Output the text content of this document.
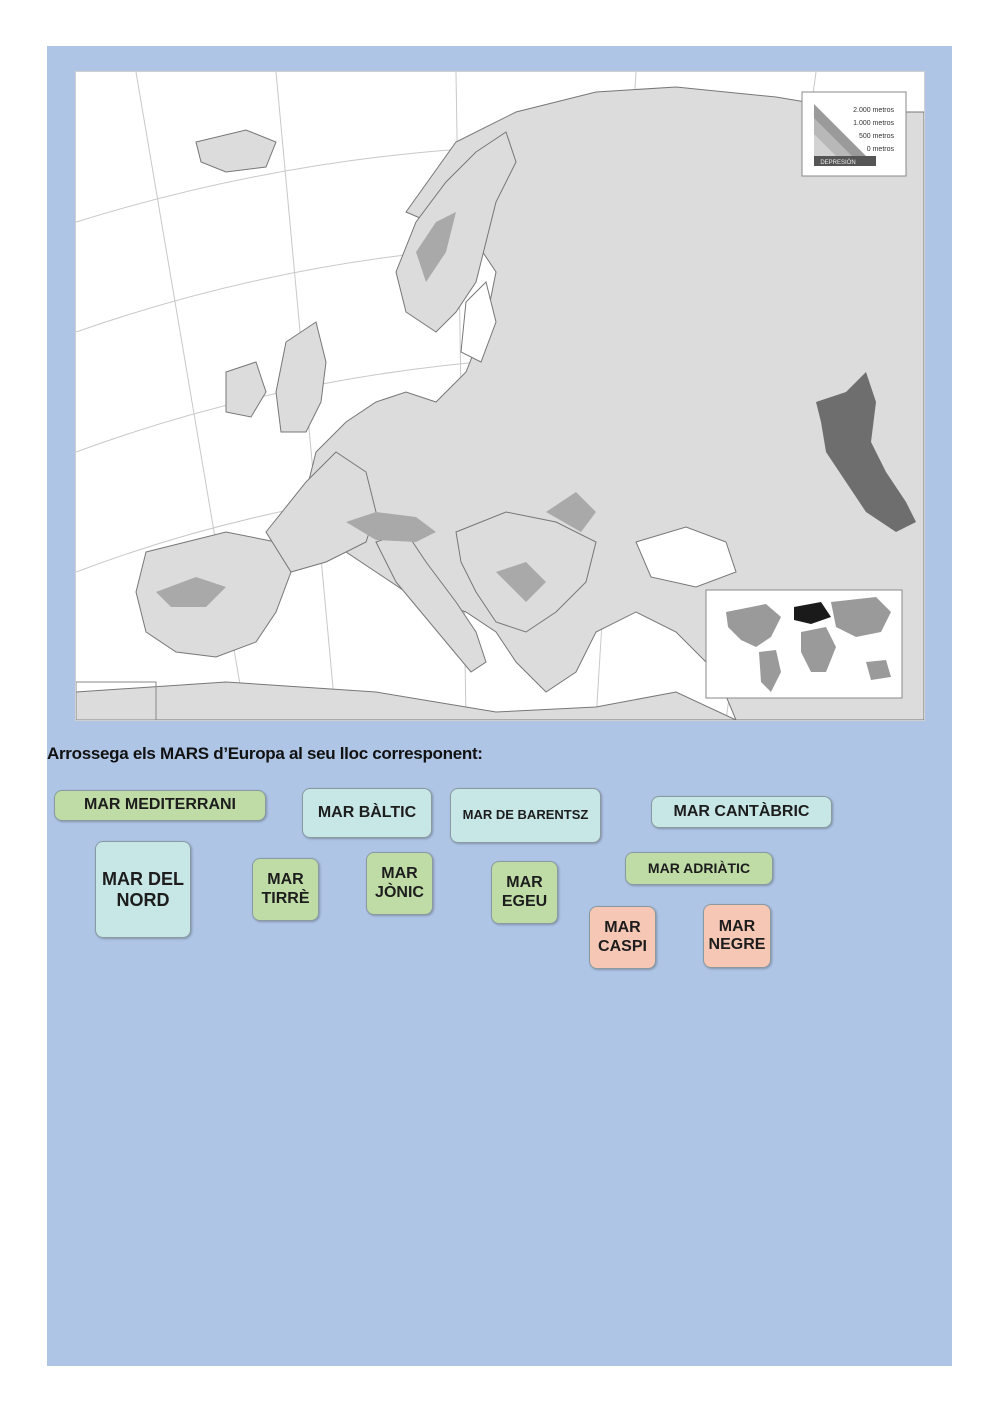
2.000 metros
1.000 metros
500 metros
0 metros
DEPRESIÓN
Arrossega els MARS d’Europa al seu lloc corresponent:
MAR MEDITERRANI	MAR BÀLTIC	MAR DE BARENTSZ	MAR CANTÀBRIC
MAR DEL
NORD
MAR
TIRRÈ
MAR
JÒNIC
MAR
EGEU
MAR ADRIÀTIC
MAR
CASPI
MAR
NEGRE
